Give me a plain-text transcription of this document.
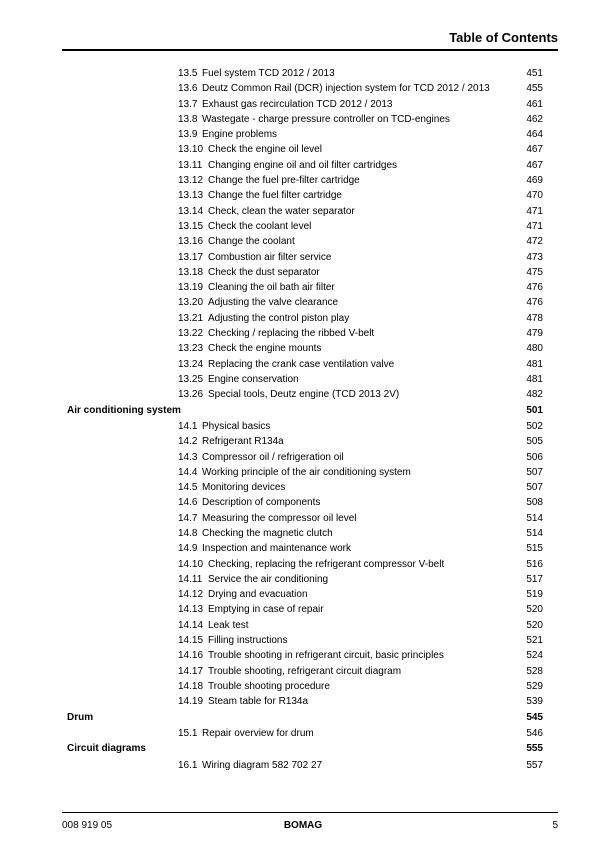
Table of Contents
13.5 Fuel system TCD 2012 / 2013	451
13.6 Deutz Common Rail (DCR) injection system for TCD 2012 / 2013	455
13.7 Exhaust gas recirculation TCD 2012 / 2013	461
13.8 Wastegate - charge pressure controller on TCD-engines	462
13.9 Engine problems	464
13.10 Check the engine oil level	467
13.11 Changing engine oil and oil filter cartridges	467
13.12 Change the fuel pre-filter cartridge	469
13.13 Change the fuel filter cartridge	470
13.14 Check, clean the water separator	471
13.15 Check the coolant level	471
13.16 Change the coolant	472
13.17 Combustion air filter service	473
13.18 Check the dust separator	475
13.19 Cleaning the oil bath air filter	476
13.20 Adjusting the valve clearance	476
13.21 Adjusting the control piston play	478
13.22 Checking / replacing the ribbed V-belt	479
13.23 Check the engine mounts	480
13.24 Replacing the crank case ventilation valve	481
13.25 Engine conservation	481
13.26 Special tools, Deutz engine (TCD 2013 2V)	482
Air conditioning system	501
14.1 Physical basics	502
14.2 Refrigerant R134a	505
14.3 Compressor oil / refrigeration oil	506
14.4 Working principle of the air conditioning system	507
14.5 Monitoring devices	507
14.6 Description of components	508
14.7 Measuring the compressor oil level	514
14.8 Checking the magnetic clutch	514
14.9 Inspection and maintenance work	515
14.10 Checking, replacing the refrigerant compressor V-belt	516
14.11 Service the air conditioning	517
14.12 Drying and evacuation	519
14.13 Emptying in case of repair	520
14.14 Leak test	520
14.15 Filling instructions	521
14.16 Trouble shooting in refrigerant circuit, basic principles	524
14.17 Trouble shooting, refrigerant circuit diagram	528
14.18 Trouble shooting procedure	529
14.19 Steam table for R134a	539
Drum	545
15.1 Repair overview for drum	546
Circuit diagrams	555
16.1 Wiring diagram 582 702 27	557
008 919 05	BOMAG	5
